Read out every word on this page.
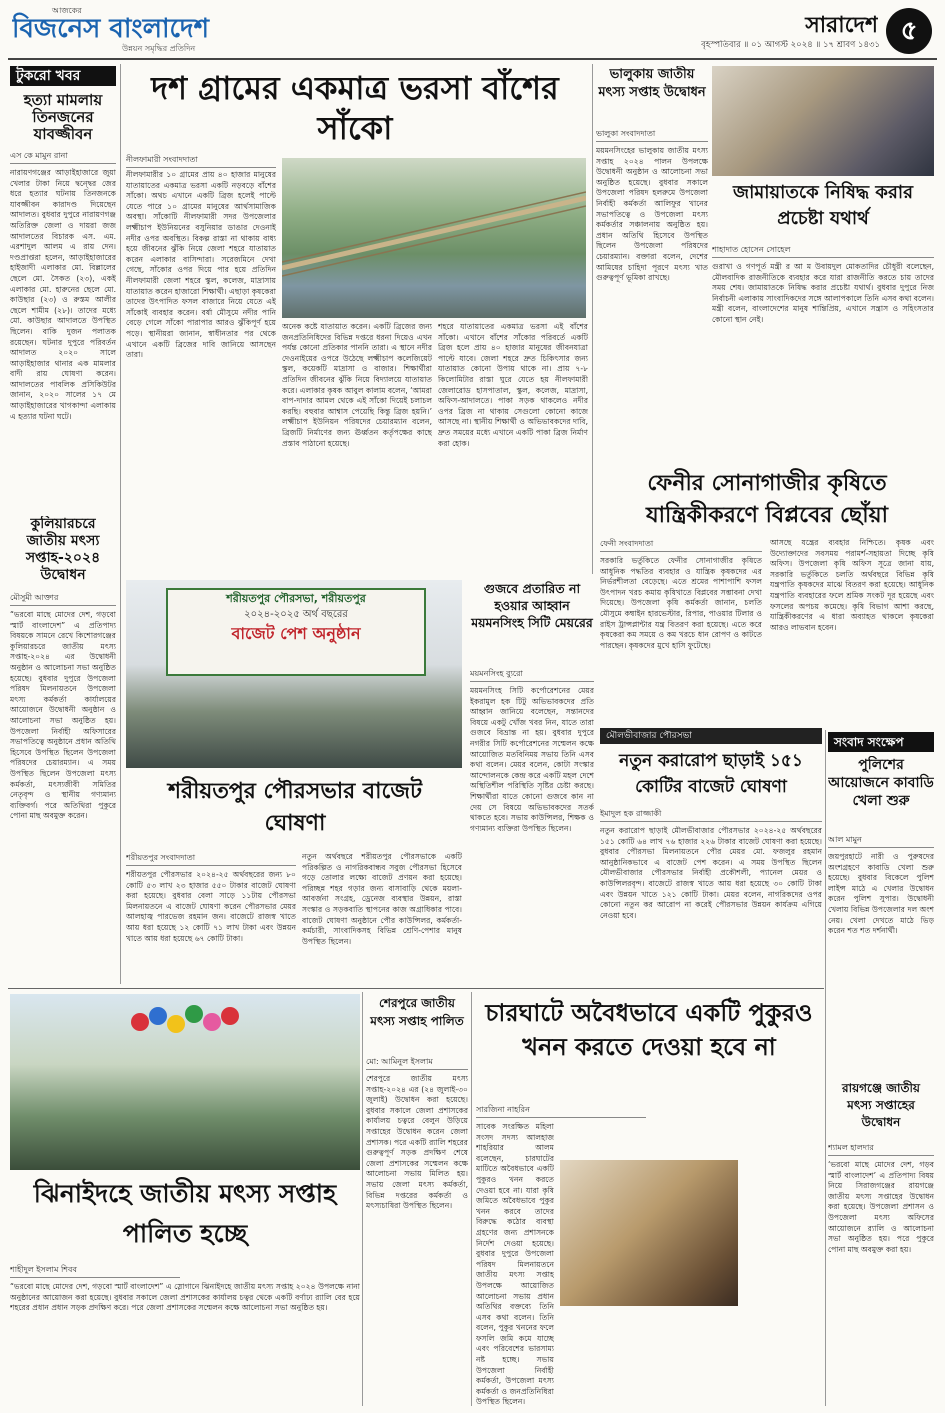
আজকের
বিজনেস বাংলাদেশ
উন্নয়ন সমৃদ্ধির প্রতিদিন
সারাদেশ
বৃহস্পতিবার ॥ ০১ আগস্ট ২০২৪ ॥ ১৭ শ্রাবণ ১৪৩১ ৫
টুকরো খবর
হত্যা মামলায় তিনজনের যাবজ্জীবন
এস কে মামুন রানা
নারায়ণগঞ্জের আড়াইহাজারে জুয়া খেলার টাকা নিয়ে দ্বন্দ্বের জের ধরে হত্যার ঘটনায় তিনজনকে যাবজ্জীবন কারাদণ্ড দিয়েছেন আদালত। বুধবার দুপুরে নারায়ণগঞ্জ অতিরিক্ত জেলা ও দায়রা জজ আদালতের বিচারক এস. এম. এরশাদুল আলম এ রায় দেন। দণ্ডপ্রাপ্তরা হলেন, আড়াইহাজারের হাইজাদী এলাকার মো. বিল্লালের ছেলে মো. সৈকত (২৩), একই এলাকার মো. হারুনের ছেলে মো. কাউছার (২৩) ও রুস্তম আলীর ছেলে শামীম (২৮)। তাদের মধ্যে মো. কাউছার আদালতে উপস্থিত ছিলেন। বাকি দুজন পলাতক রয়েছেন। ঘটনার দুপুরে পরিবর্তন আদালত ২০২০ সালে আড়াইহাজার থানার এক মামলার বাদী রায় ঘোষণা করেন। আদালতের পাবলিক প্রসিকিউটর জানান, ২০২০ সালের ১৭ মে আড়াইহাজারের খাগকান্দা এলাকায় এ হত্যার ঘটনা ঘটে।
কুলিয়ারচরে জাতীয় মৎস্য সপ্তাহ-২০২৪ উদ্বোধন
মৌসুমী আক্তার
“ভরবো মাছে মোদের দেশ, গড়বো স্মার্ট বাংলাদেশ” এ প্রতিপাদ্য বিষয়কে সামনে রেখে কিশোরগঞ্জের কুলিয়ারচরে জাতীয় মৎস্য সপ্তাহ-২০২৪ এর উদ্বোধনী অনুষ্ঠান ও আলোচনা সভা অনুষ্ঠিত হয়েছে। বুধবার দুপুরে উপজেলা পরিষদ মিলনায়তনে উপজেলা মৎস্য কর্মকর্তা কার্যালয়ের আয়োজনে উদ্বোধনী অনুষ্ঠান ও আলোচনা সভা অনুষ্ঠিত হয়। উপজেলা নির্বাহী অফিসারের সভাপতিত্বে অনুষ্ঠানে প্রধান অতিথি হিসেবে উপস্থিত ছিলেন উপজেলা পরিষদের চেয়ারম্যান। এ সময় উপস্থিত ছিলেন উপজেলা মৎস্য কর্মকর্তা, মৎস্যজীবী সমিতির নেতৃবৃন্দ ও স্থানীয় গণ্যমান্য ব্যক্তিবর্গ। পরে অতিথিরা পুকুরে পোনা মাছ অবমুক্ত করেন।
দশ গ্রামের একমাত্র ভরসা বাঁশের সাঁকো
নীলফামারী সংবাদদাতা
নীলফামারীর ১০ গ্রামের প্রায় ৪০ হাজার মানুষের যাতায়াতের একমাত্র ভরসা একটি নড়বড়ে বাঁশের সাঁকো। অথচ এখানে একটি ব্রিজ হলেই পাল্টে যেতে পারে ১০ গ্রামের মানুষের আর্থসামাজিক অবস্থা। সাঁকোটি নীলফামারী সদর উপজেলার লক্ষ্মীচাপ ইউনিয়নের বসুনিয়ার ডাঙার দেওনাই নদীর ওপর অবস্থিত। বিকল্প রাস্তা না থাকায় বাধ্য হয়ে জীবনের ঝুঁকি নিয়ে জেলা শহরে যাতায়াত করেন এলাকার বাসিন্দারা। সরেজমিনে দেখা গেছে, সাঁকোর ওপর দিয়ে পার হয়ে প্রতিদিন নীলফামারী জেলা শহরে স্কুল, কলেজ, মাদ্রাসায় যাতায়াত করেন হাজারো শিক্ষার্থী। এছাড়া কৃষকেরা তাদের উৎপাদিত ফসল বাজারে নিয়ে যেতে এই সাঁকোই ব্যবহার করেন। বর্ষা মৌসুমে নদীর পানি বেড়ে গেলে সাঁকো পারাপার আরও ঝুঁকিপূর্ণ হয়ে পড়ে। স্থানীয়রা জানান, স্বাধীনতার পর থেকে এখানে একটি ব্রিজের দাবি জানিয়ে আসছেন তারা।
অনেক কষ্টে যাতায়াত করেন। একটি ব্রিজের জন্য জনপ্রতিনিধিদের বিভিন্ন দপ্তরে ধরনা দিয়েও এখন পর্যন্ত কোনো প্রতিকার পাননি তারা। এ স্থানে নদীর দেওনাইয়ের ওপরে উঠেছে লক্ষ্মীচাপ কলেজিয়েট স্কুল, কয়েকটি মাদ্রাসা ও বাজার। শিক্ষার্থীরা প্রতিদিন জীবনের ঝুঁকি নিয়ে বিদ্যালয়ে যাতায়াত করে। এলাকার কৃষক আবুল কালাম বলেন, ‘আমরা বাপ-দাদার আমল থেকে এই সাঁকো দিয়েই চলাচল করছি। বহুবার আশ্বাস পেয়েছি কিন্তু ব্রিজ হয়নি।’ লক্ষ্মীচাপ ইউনিয়ন পরিষদের চেয়ারম্যান বলেন, ব্রিজটি নির্মাণের জন্য ঊর্ধ্বতন কর্তৃপক্ষের কাছে প্রস্তাব পাঠানো হয়েছে।
শহরে যাতায়াতের একমাত্র ভরসা এই বাঁশের সাঁকো। এখানে বাঁশের সাঁকোর পরিবর্তে একটি ব্রিজ হলে প্রায় ৪০ হাজার মানুষের জীবনযাত্রা পাল্টে যাবে। জেলা শহরে দ্রুত চিকিৎসার জন্য যাতায়াত কোনো উপায় থাকে না। প্রায় ৭-৮ কিলোমিটার রাস্তা ঘুরে যেতে হয় নীলফামারী জেলারোড হাসপাতাল, স্কুল, কলেজ, মাদ্রাসা, অফিস-আদালতে। পাকা সড়ক থাকলেও নদীর ওপর ব্রিজ না থাকায় সেগুলো কোনো কাজে আসছে না। স্থানীয় শিক্ষার্থী ও অভিভাবকদের দাবি, দ্রুত সময়ের মধ্যে এখানে একটি পাকা ব্রিজ নির্মাণ করা হোক।
ভালুকায় জাতীয় মৎস্য সপ্তাহ উদ্বোধন
ভালুকা সংবাদদাতা
ময়মনসিংহের ভালুকায় জাতীয় মৎস্য সপ্তাহ ২০২৪ পালন উপলক্ষে উদ্বোধনী অনুষ্ঠান ও আলোচনা সভা অনুষ্ঠিত হয়েছে। বুধবার সকালে উপজেলা পরিষদ হলরুমে উপজেলা নির্বাহী কর্মকর্তা আলিফুর খানের সভাপতিত্বে ও উপজেলা মৎস্য কর্মকর্তার সঞ্চালনায় অনুষ্ঠিত হয়। প্রধান অতিথি হিসেবে উপস্থিত ছিলেন উপজেলা পরিষদের চেয়ারম্যান। বক্তারা বলেন, দেশের আমিষের চাহিদা পূরণে মৎস্য খাত গুরুত্বপূর্ণ ভূমিকা রাখছে।
জামায়াতকে নিষিদ্ধ করার প্রচেষ্টা যথার্থ
শাহাদাত হোসেন সোহেল
গুরাখা ও গণপূর্ত মন্ত্রী র আ ম উবায়দুল মোকতাদির চৌধুরী বলেছেন, মৌলবাদিক রাজনীতিকে ব্যবহার করে যারা রাজনীতি করতে চায় তাদের সময় শেষ। জামায়াতকে নিষিদ্ধ করার প্রচেষ্টা যথার্থ। বুধবার দুপুরে নিজ নির্বাচনী এলাকায় সাংবাদিকদের সঙ্গে আলাপকালে তিনি এসব কথা বলেন। মন্ত্রী বলেন, বাংলাদেশের মানুষ শান্তিপ্রিয়, এখানে সন্ত্রাস ও সহিংসতার কোনো স্থান নেই।
শরীয়তপুর পৌরসভা, শরীয়তপুর
২০২৪-২০২৫ অর্থ বছরের
বাজেট পেশ অনুষ্ঠান
শরীয়তপুর পৌরসভার বাজেট ঘোষণা
শরীয়তপুর সংবাদদাতা
শরীয়তপুর পৌরসভার ২০২৪-২৫ অর্থবছরের জন্য ৮০ কোটি ৫৩ লাখ ২৩ হাজার ৫৫০ টাকার বাজেট ঘোষণা করা হয়েছে। বুধবার বেলা সাড়ে ১১টায় পৌরসভা মিলনায়তনে এ বাজেট ঘোষণা করেন পৌরসভার মেয়র আলহাজ্ব পারভেজ রহমান জন। বাজেটে রাজস্ব খাতে আয় ধরা হয়েছে ১২ কোটি ৭১ লাখ টাকা এবং উন্নয়ন খাতে আয় ধরা হয়েছে ৬৭ কোটি টাকা।
নতুন অর্থবছরে শরীয়তপুর পৌরসভাকে একটি পরিকল্পিত ও নাগরিকবান্ধব সবুজ পৌরসভা হিসেবে গড়ে তোলার লক্ষ্যে বাজেট প্রণয়ন করা হয়েছে। পরিচ্ছন্ন শহর গড়ার জন্য বাসাবাড়ি থেকে ময়লা-আবর্জনা সংগ্রহ, ড্রেনেজ ব্যবস্থার উন্নয়ন, রাস্তা সংস্কার ও সড়কবাতি স্থাপনের কাজ অগ্রাধিকার পাবে। বাজেট ঘোষণা অনুষ্ঠানে পৌর কাউন্সিলর, কর্মকর্তা-কর্মচারী, সাংবাদিকসহ বিভিন্ন শ্রেণি-পেশার মানুষ উপস্থিত ছিলেন।
গুজবে প্রতারিত না হওয়ার আহ্বান ময়মনসিংহ সিটি মেয়রের
ময়মনসিংহ ব্যুরো
ময়মনসিংহ সিটি কর্পোরেশনের মেয়র ইকরামুল হক টিটু অভিভাবকদের প্রতি আহ্বান জানিয়ে বলেছেন, সন্তানদের বিষয়ে একটু খোঁজ খবর নিন, যাতে তারা গুজবে বিভ্রান্ত না হয়। বুধবার দুপুরে নগরীর সিটি কর্পোরেশনের সম্মেলন কক্ষে আয়োজিত মতবিনিময় সভায় তিনি এসব কথা বলেন। মেয়র বলেন, কোটা সংস্কার আন্দোলনকে কেন্দ্র করে একটি মহল দেশে অস্থিতিশীল পরিস্থিতি সৃষ্টির চেষ্টা করছে। শিক্ষার্থীরা যাতে কোনো গুজবে কান না দেয় সে বিষয়ে অভিভাবকদের সতর্ক থাকতে হবে। সভায় কাউন্সিলর, শিক্ষক ও গণ্যমান্য ব্যক্তিরা উপস্থিত ছিলেন।
ফেনীর সোনাগাজীর কৃষিতে যান্ত্রিকীকরণে বিপ্লবের ছোঁয়া
ফেনী সংবাদদাতা
সরকারি ভর্তুকিতে ফেনীর সোনাগাজীর কৃষিতে আধুনিক পদ্ধতির ব্যবহার ও যান্ত্রিক কৃষকদের এর নির্ভরশীলতা বেড়েছে। এতে শ্রমের পাশাপাশি ফসল উৎপাদন খরচ কমায় কৃষিখাতে বিপ্লবের সম্ভাবনা দেখা দিয়েছে। উপজেলা কৃষি কর্মকর্তা জানান, চলতি মৌসুমে কম্বাইন হারভেস্টার, রিপার, পাওয়ার টিলার ও রাইস ট্রান্সপ্লান্টার যন্ত্র বিতরণ করা হয়েছে। এতে করে কৃষকেরা কম সময়ে ও কম খরচে ধান রোপণ ও কাটতে পারছেন। কৃষকদের মুখে হাসি ফুটেছে।
আসছে যন্ত্রের ব্যবহার নিশ্চিতে। কৃষক এবং উদ্যোক্তাদের সবসময় পরামর্শ-সহায়তা দিচ্ছে কৃষি অফিস। উপজেলা কৃষি অফিস সূত্রে জানা যায়, সরকারি ভর্তুকিতে চলতি অর্থবছরে বিভিন্ন কৃষি যন্ত্রপাতি কৃষকদের মাঝে বিতরণ করা হয়েছে। আধুনিক যন্ত্রপাতি ব্যবহারের ফলে শ্রমিক সংকট দূর হয়েছে এবং ফসলের অপচয় কমেছে। কৃষি বিভাগ আশা করছে, যান্ত্রিকীকরণের এ ধারা অব্যাহত থাকলে কৃষকেরা আরও লাভবান হবেন।
মৌলভীবাজার পৌরসভা
নতুন করারোপ ছাড়াই ১৫১ কোটির বাজেট ঘোষণা
ইমাদুল হক রাজ্জাকী
নতুন করারোপ ছাড়াই মৌলভীবাজার পৌরসভার ২০২৪-২৫ অর্থবছরের ১৫১ কোটি ৬৪ লাখ ৭৬ হাজার ২২৬ টাকার বাজেট ঘোষণা করা হয়েছে। বুধবার পৌরসভা মিলনায়তনে পৌর মেয়র মো. ফজলুর রহমান আনুষ্ঠানিকভাবে এ বাজেট পেশ করেন। এ সময় উপস্থিত ছিলেন মৌলভীবাজার পৌরসভার নির্বাহী প্রকৌশলী, প্যানেল মেয়র ও কাউন্সিলরবৃন্দ। বাজেটে রাজস্ব খাতে আয় ধরা হয়েছে ৩০ কোটি টাকা এবং উন্নয়ন খাতে ১২১ কোটি টাকা। মেয়র বলেন, নাগরিকদের ওপর কোনো নতুন কর আরোপ না করেই পৌরসভার উন্নয়ন কার্যক্রম এগিয়ে নেওয়া হবে।
সংবাদ সংক্ষেপ
পুলিশের আয়োজনে কাবাডি খেলা শুরু
আল মামুন
জয়পুরহাটে নারী ও পুরুষদের অংশগ্রহণে কাবাডি খেলা শুরু হয়েছে। বুধবার বিকেলে পুলিশ লাইন্স মাঠে এ খেলার উদ্বোধন করেন পুলিশ সুপার। উদ্বোধনী খেলায় বিভিন্ন উপজেলার দল অংশ নেয়। খেলা দেখতে মাঠে ভিড় করেন শত শত দর্শনার্থী।
রায়গঞ্জে জাতীয় মৎস্য সপ্তাহের উদ্বোধন
শ্যামল হালদার
‘ভরবো মাছে মোদের দেশ, গড়ব স্মার্ট বাংলাদেশ’ এ প্রতিপাদ্য বিষয় নিয়ে সিরাজগঞ্জের রায়গঞ্জে জাতীয় মৎস্য সপ্তাহের উদ্বোধন করা হয়েছে। উপজেলা প্রশাসন ও উপজেলা মৎস্য অফিসের আয়োজনে র‍্যালি ও আলোচনা সভা অনুষ্ঠিত হয়। পরে পুকুরে পোনা মাছ অবমুক্ত করা হয়।
ঝিনাইদহে জাতীয় মৎস্য সপ্তাহ পালিত হচ্ছে
শাহীদুল ইসলাম শিবব
“ভরবো মাছে মোদের দেশ, গড়বো স্মার্ট বাংলাদেশ” এ স্লোগানে ঝিনাইদহে জাতীয় মৎস্য সপ্তাহ ২০২৪ উপলক্ষে নানা অনুষ্ঠানের আয়োজন করা হয়েছে। বুধবার সকালে জেলা প্রশাসকের কার্যালয় চত্বর থেকে একটি বর্ণাঢ্য র‍্যালি বের হয়ে শহরের প্রধান প্রধান সড়ক প্রদক্ষিণ করে। পরে জেলা প্রশাসকের সম্মেলন কক্ষে আলোচনা সভা অনুষ্ঠিত হয়।
শেরপুরে জাতীয় মৎস্য সপ্তাহ পালিত
মো: আমিনুল ইসলাম
শেরপুরে জাতীয় মৎস্য সপ্তাহ-২০২৪ এর (২৪ জুলাই-৩০ জুলাই) উদ্বোধন করা হয়েছে। বুধবার সকালে জেলা প্রশাসকের কার্যালয় চত্বরে বেলুন উড়িয়ে সপ্তাহের উদ্বোধন করেন জেলা প্রশাসক। পরে একটি র‍্যালি শহরের গুরুত্বপূর্ণ সড়ক প্রদক্ষিণ শেষে জেলা প্রশাসকের সম্মেলন কক্ষে আলোচনা সভায় মিলিত হয়। সভায় জেলা মৎস্য কর্মকর্তা, বিভিন্ন দপ্তরের কর্মকর্তা ও মৎস্যচাষিরা উপস্থিত ছিলেন।
চারঘাটে অবৈধভাবে একটি পুকুরও খনন করতে দেওয়া হবে না
সারজিনা নাহরিন
সাবেক সংরক্ষিত মহিলা সংসদ সদস্য আলহাজ শাহরিয়ার আলম বলেছেন, চারঘাটের মাটিতে অবৈধভাবে একটি পুকুরও খনন করতে দেওয়া হবে না। যারা কৃষি জমিতে অবৈধভাবে পুকুর খনন করবে তাদের বিরুদ্ধে কঠোর ব্যবস্থা গ্রহণের জন্য প্রশাসনকে নির্দেশ দেওয়া হয়েছে। বুধবার দুপুরে উপজেলা পরিষদ মিলনায়তনে জাতীয় মৎস্য সপ্তাহ উপলক্ষে আয়োজিত আলোচনা সভায় প্রধান অতিথির বক্তব্যে তিনি এসব কথা বলেন। তিনি বলেন, পুকুর খননের ফলে ফসলি জমি কমে যাচ্ছে এবং পরিবেশের ভারসাম্য নষ্ট হচ্ছে। সভায় উপজেলা নির্বাহী কর্মকর্তা, উপজেলা মৎস্য কর্মকর্তা ও জনপ্রতিনিধিরা উপস্থিত ছিলেন।
